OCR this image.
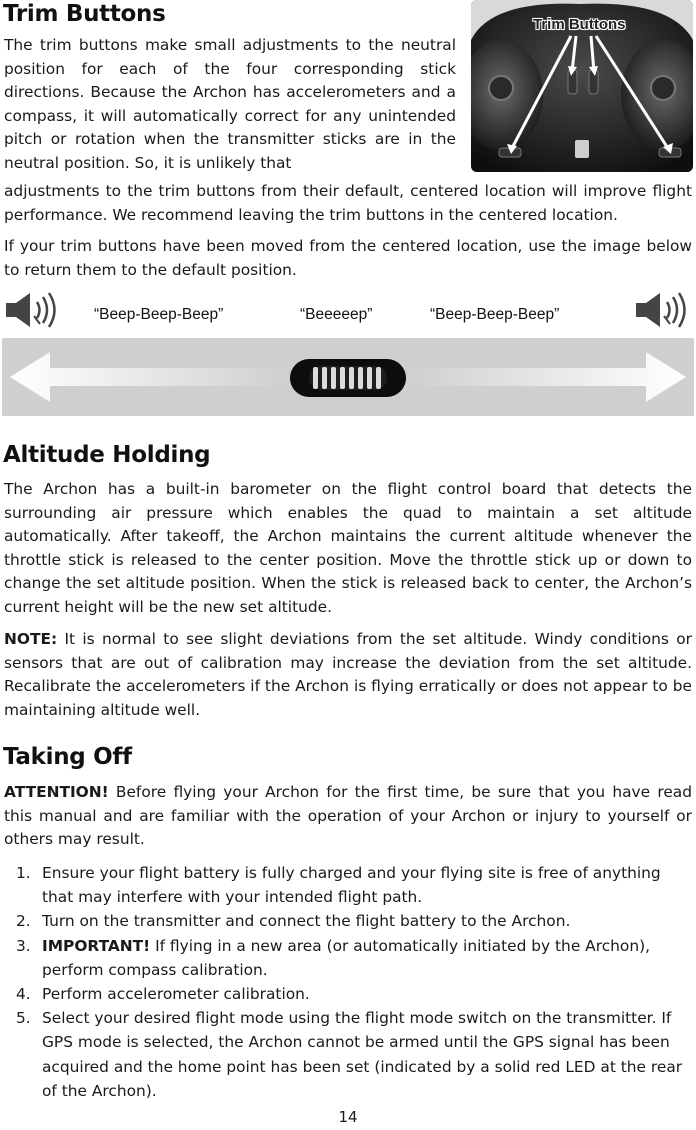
Trim Buttons

The trim buttons make small adjustments to the neutral position for each of the four corresponding stick directions. Because the Archon has accelerometers and a compass, it will automatically correct for any unintended pitch or rotation when the transmitter sticks are in the neutral position. So, it is unlikely that

Trim Buttons

adjustments to the trim buttons from their default, centered location will improve flight performance. We recommend leaving the trim buttons in the centered location.

If your trim buttons have been moved from the centered location, use the image below to return them to the default position.

“Beep-Beep-Beep”	“Beeeeep”	“Beep-Beep-Beep”
Altitude Holding

The Archon has a built-in barometer on the flight control board that detects the surrounding air pressure which enables the quad to maintain a set altitude automatically. After takeoff, the Archon maintains the current altitude whenever the throttle stick is released to the center position. Move the throttle stick up or down to change the set altitude position. When the stick is released back to center, the Archon’s current height will be the new set altitude.

NOTE: It is normal to see slight deviations from the set altitude. Windy conditions or sensors that are out of calibration may increase the deviation from the set altitude. Recalibrate the accelerometers if the Archon is flying erratically or does not appear to be maintaining altitude well.

Taking Off

ATTENTION! Before flying your Archon for the first time, be sure that you have read this manual and are familiar with the operation of your Archon or injury to yourself or others may result.

1. Ensure your flight battery is fully charged and your flying site is free of anything that may interfere with your intended flight path.
2. Turn on the transmitter and connect the flight battery to the Archon.
3. IMPORTANT! If flying in a new area (or automatically initiated by the Archon), perform compass calibration.
4. Perform accelerometer calibration.
5. Select your desired flight mode using the flight mode switch on the transmitter. If GPS mode is selected, the Archon cannot be armed until the GPS signal has been acquired and the home point has been set (indicated by a solid red LED at the rear of the Archon).
14
